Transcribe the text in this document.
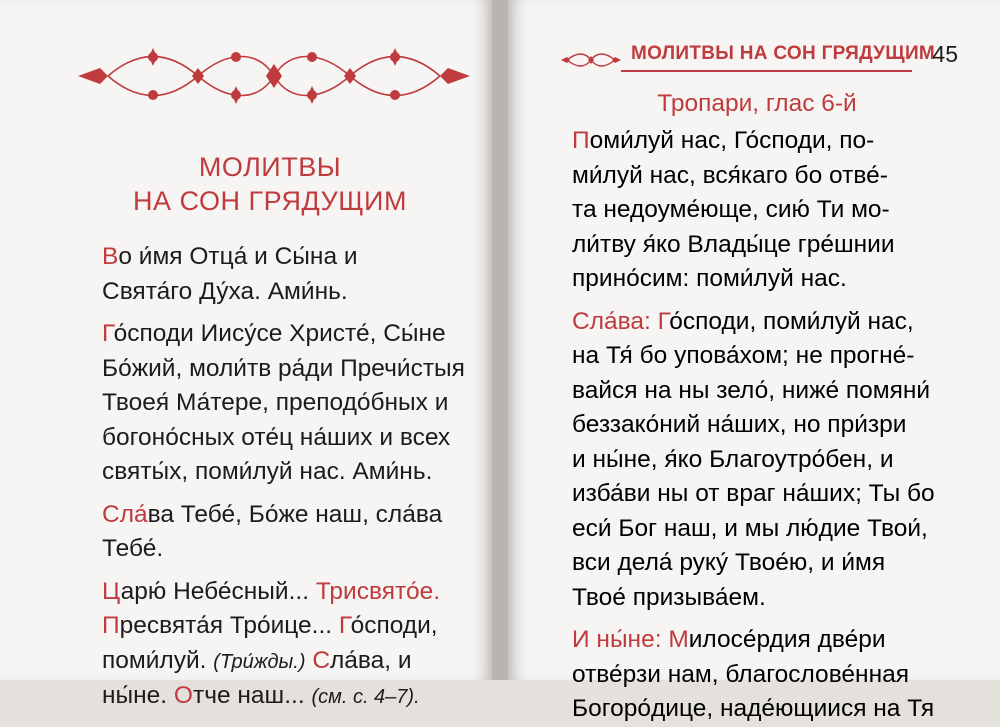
МОЛИТВЫ
НА СОН ГРЯДУЩИМ
Во и́мя Отца́ и Сы́на и
Свята́го Ду́ха. Ами́нь.
Го́споди Иису́се Христе́, Сы́не
Бо́жий, моли́тв ра́ди Пречи́стыя
Твоея́ Ма́тере, преподо́бных и
богоно́сных оте́ц на́ших и всех
святы́х, поми́луй нас. Ами́нь.
Сла́ва Тебе́, Бо́же наш, сла́ва
Тебе́.
Царю́ Небе́сный... Трисвято́е.
Пресвята́я Тро́ице... Го́споди,
поми́луй. (Три́жды.) Сла́ва, и
ны́не. Отче наш... (см. с. 4–7).
МОЛИТВЫ НА СОН ГРЯДУЩИМ
45
Тропари, глас 6-й
Поми́луй нас, Го́споди, по-
ми́луй нас, вся́каго бо отве́-
та недоуме́юще, сию́ Ти мо-
ли́тву я́ко Влады́це гре́шнии
прино́сим: поми́луй нас.
Сла́ва: Го́споди, поми́луй нас,
на Тя́ бо упова́хом; не прогне́-
вайся на ны зело́, ниже́ помяни́
беззако́ний на́ших, но при́зри
и ны́не, я́ко Благоутро́бен, и
изба́ви ны от враг на́ших; Ты бо
еси́ Бог наш, и мы лю́дие Твои́,
вси дела́ руку́ Твое́ю, и и́мя
Твое́ призыва́ем.
И ны́не: Милосе́рдия две́ри
отве́рзи нам, благослове́нная
Богоро́дице, наде́ющиися на Тя
